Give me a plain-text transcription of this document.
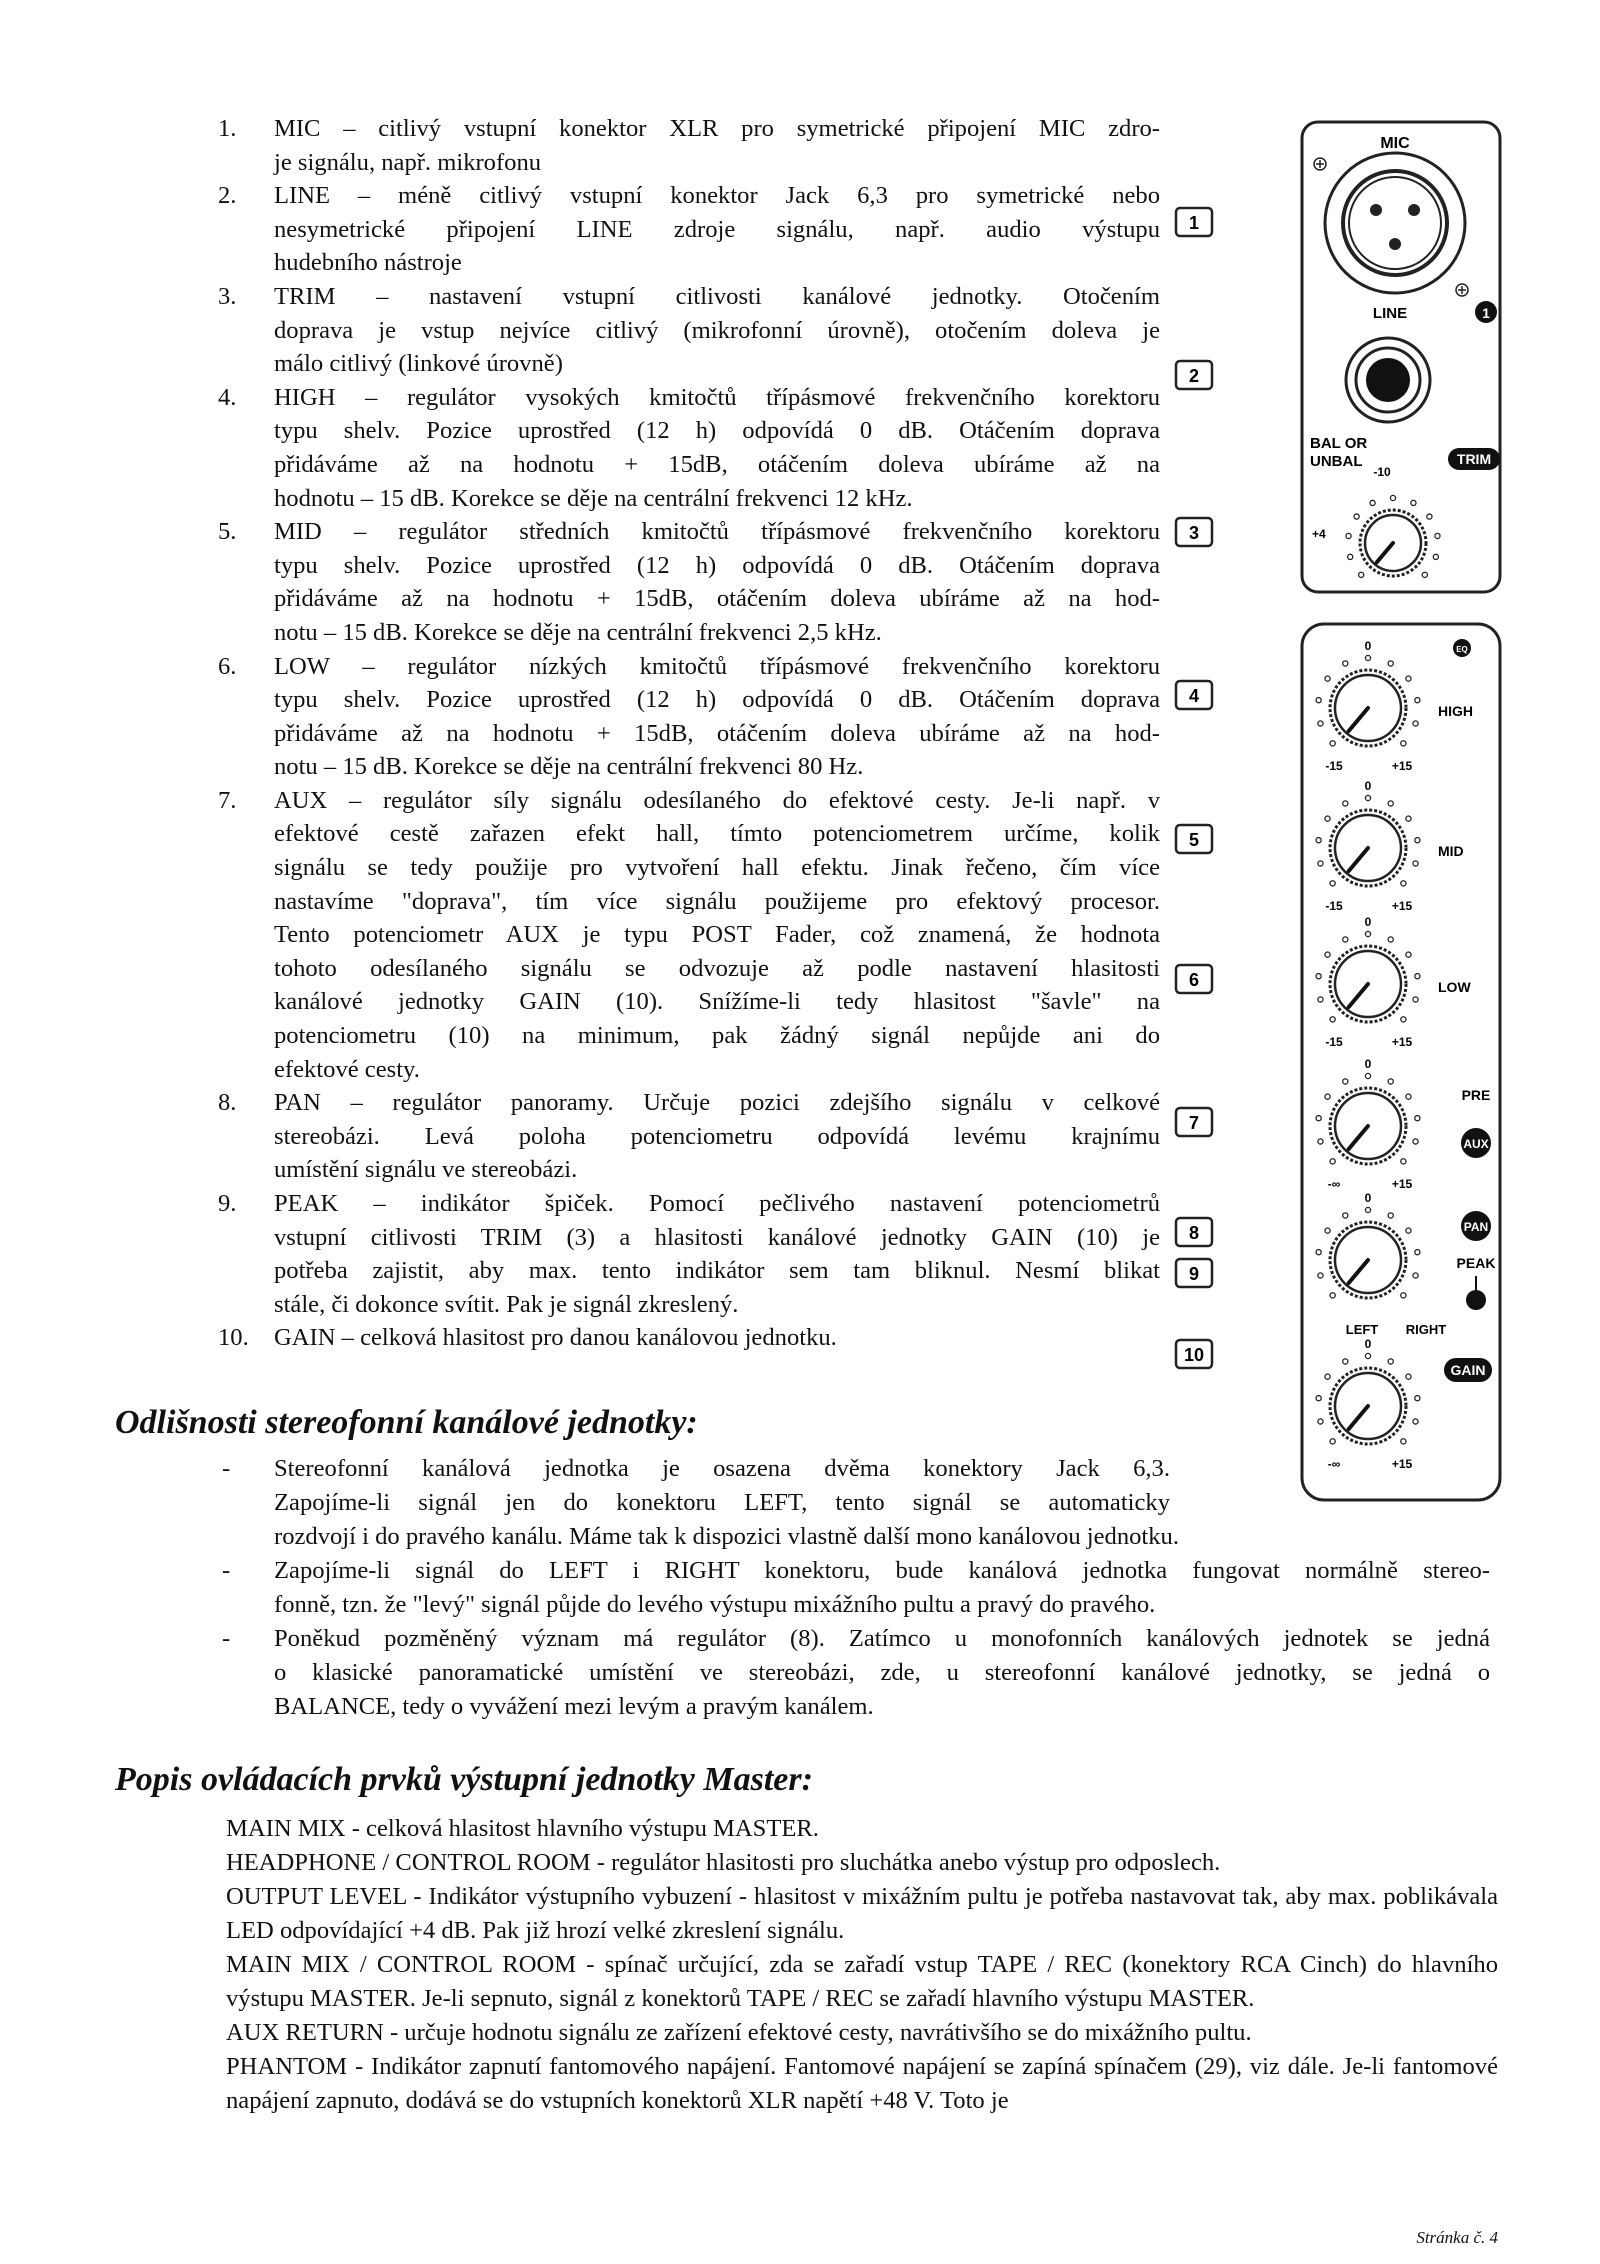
1. MIC – citlivý vstupní konektor XLR pro symetrické připojení MIC zdro-
je signálu, např. mikrofonu
2. LINE – méně citlivý vstupní konektor Jack 6,3 pro symetrické nebo
nesymetrické připojení LINE zdroje signálu, např. audio výstupu
hudebního nástroje
3. TRIM – nastavení vstupní citlivosti kanálové jednotky. Otočením
doprava je vstup nejvíce citlivý (mikrofonní úrovně), otočením doleva je
málo citlivý (linkové úrovně)
4. HIGH – regulátor vysokých kmitočtů třípásmové frekvenčního korektoru
typu shelv. Pozice uprostřed (12 h) odpovídá 0 dB. Otáčením doprava
přidáváme až na hodnotu + 15dB, otáčením doleva ubíráme až na
hodnotu – 15 dB. Korekce se děje na centrální frekvenci 12 kHz.
5. MID – regulátor středních kmitočtů třípásmové frekvenčního korektoru
typu shelv. Pozice uprostřed (12 h) odpovídá 0 dB. Otáčením doprava
přidáváme až na hodnotu + 15dB, otáčením doleva ubíráme až na hod-
notu – 15 dB. Korekce se děje na centrální frekvenci 2,5 kHz.
6. LOW – regulátor nízkých kmitočtů třípásmové frekvenčního korektoru
typu shelv. Pozice uprostřed (12 h) odpovídá 0 dB. Otáčením doprava
přidáváme až na hodnotu + 15dB, otáčením doleva ubíráme až na hod-
notu – 15 dB. Korekce se děje na centrální frekvenci 80 Hz.
7. AUX – regulátor síly signálu odesílaného do efektové cesty. Je-li např. v
efektové cestě zařazen efekt hall, tímto potenciometrem určíme, kolik
signálu se tedy použije pro vytvoření hall efektu. Jinak řečeno, čím více
nastavíme "doprava", tím více signálu použijeme pro efektový procesor.
Tento potenciometr AUX je typu POST Fader, což znamená, že hodnota
tohoto odesílaného signálu se odvozuje až podle nastavení hlasitosti
kanálové jednotky GAIN (10). Snížíme-li tedy hlasitost "šavle" na
potenciometru (10) na minimum, pak žádný signál nepůjde ani do
efektové cesty.
8. PAN – regulátor panoramy. Určuje pozici zdejšího signálu v celkové
stereobázi. Levá poloha potenciometru odpovídá levému krajnímu
umístění signálu ve stereobázi.
9. PEAK – indikátor špiček. Pomocí pečlivého nastavení potenciometrů
vstupní citlivosti TRIM (3) a hlasitosti kanálové jednotky GAIN (10) je
potřeba zajistit, aby max. tento indikátor sem tam bliknul. Nesmí blikat
stále, či dokonce svítit. Pak je signál zkreslený.
10. GAIN – celková hlasitost pro danou kanálovou jednotku.
Odlišnosti stereofonní kanálové jednotky:
- Stereofonní kanálová jednotka je osazena dvěma konektory Jack 6,3.
Zapojíme-li signál jen do konektoru LEFT, tento signál se automaticky
rozdvojí i do pravého kanálu. Máme tak k dispozici vlastně další mono kanálovou jednotku.
- Zapojíme-li signál do LEFT i RIGHT konektoru, bude kanálová jednotka fungovat normálně stereo-
fonně, tzn. že "levý" signál půjde do levého výstupu mixážního pultu a pravý do pravého.
- Poněkud pozměněný význam má regulátor (8). Zatímco u monofonních kanálových jednotek se jedná
o klasické panoramatické umístění ve stereobázi, zde, u stereofonní kanálové jednotky, se jedná o
BALANCE, tedy o vyvážení mezi levým a pravým kanálem.
Popis ovládacích prvků výstupní jednotky Master:

MAIN MIX - celková hlasitost hlavního výstupu MASTER.

HEADPHONE / CONTROL ROOM - regulátor hlasitosti pro sluchátka anebo výstup pro odposlech.

OUTPUT LEVEL - Indikátor výstupního vybuzení - hlasitost v mixážním pultu je potřeba nastavovat tak, aby max. poblikávala LED odpovídající +4 dB. Pak již hrozí velké zkreslení signálu.

MAIN MIX / CONTROL ROOM - spínač určující, zda se zařadí vstup TAPE / REC (konektory RCA Cinch) do hlavního výstupu MASTER. Je-li sepnuto, signál z konektorů TAPE / REC se zařadí hlavního výstupu MASTER.

AUX RETURN - určuje hodnotu signálu ze zařízení efektové cesty, navrátivšího se do mixážního pultu.

PHANTOM - Indikátor zapnutí fantomového napájení. Fantomové napájení se zapíná spínačem (29), viz dále. Je-li fantomové napájení zapnuto, dodává se do vstupních konektorů XLR napětí +48 V. Toto je

Stránka č. 4
1
2
3
4
5
6
7
8
9
10
MIC
LINE	1
BAL OR
UNBAL
-10
TRIM
+4
EQ
0
-15	+15
HIGH
0
-15	+15
MID
0
-15	+15
LOW
0
-∞	+15
0
0
-∞	+15
PRE
AUX
PAN
PEAK
LEFT RIGHT
GAIN
